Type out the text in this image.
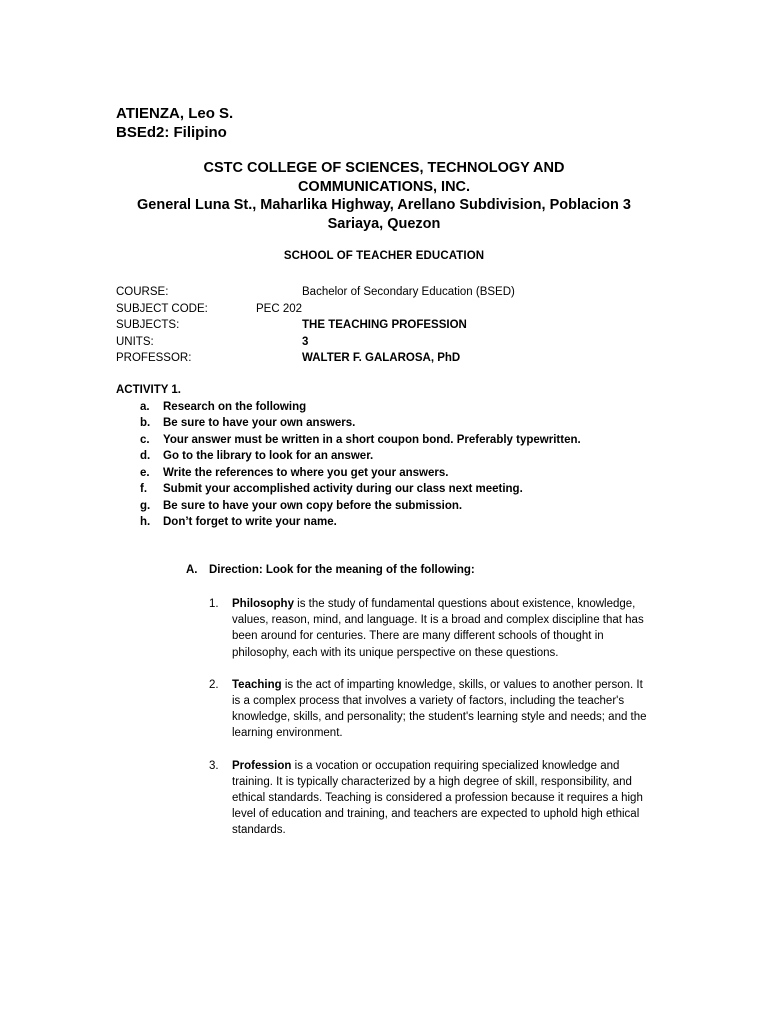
ATIENZA, Leo S.
BSEd2: Filipino
CSTC COLLEGE OF SCIENCES, TECHNOLOGY AND
COMMUNICATIONS, INC.
General Luna St., Maharlika Highway, Arellano Subdivision, Poblacion 3
Sariaya, Quezon
SCHOOL OF TEACHER EDUCATION
COURSE:	Bachelor of Secondary Education (BSED)
SUBJECT CODE:	PEC 202
SUBJECTS:	THE TEACHING PROFESSION
UNITS:	3
PROFESSOR:	WALTER F. GALAROSA, PhD
ACTIVITY 1.
a. Research on the following
b. Be sure to have your own answers.
c. Your answer must be written in a short coupon bond. Preferably typewritten.
d. Go to the library to look for an answer.
e. Write the references to where you get your answers.
f. Submit your accomplished activity during our class next meeting.
g. Be sure to have your own copy before the submission.
h. Don’t forget to write your name.
A. Direction: Look for the meaning of the following:
1. Philosophy is the study of fundamental questions about existence, knowledge, values, reason, mind, and language. It is a broad and complex discipline that has been around for centuries. There are many different schools of thought in philosophy, each with its unique perspective on these questions.
2. Teaching is the act of imparting knowledge, skills, or values to another person. It is a complex process that involves a variety of factors, including the teacher's knowledge, skills, and personality; the student's learning style and needs; and the learning environment.
3. Profession is a vocation or occupation requiring specialized knowledge and training. It is typically characterized by a high degree of skill, responsibility, and ethical standards. Teaching is considered a profession because it requires a high level of education and training, and teachers are expected to uphold high ethical standards.
